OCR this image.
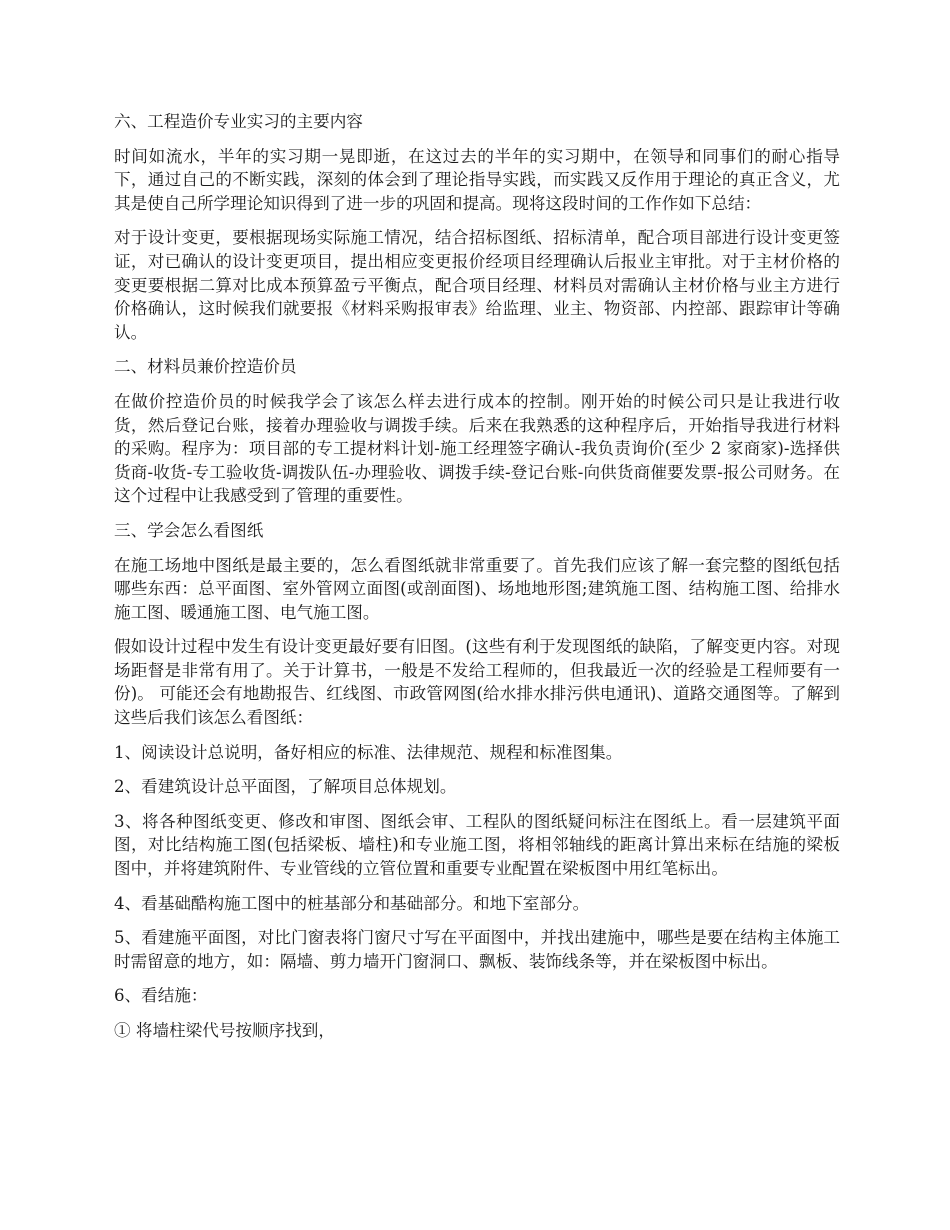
六、工程造价专业实习的主要内容

时间如流水，半年的实习期一晃即逝，在这过去的半年的实习期中，在领导和同事们的耐心指导下，通过自己的不断实践，深刻的体会到了理论指导实践，而实践又反作用于理论的真正含义，尤其是使自己所学理论知识得到了进一步的巩固和提高。现将这段时间的工作作如下总结：

对于设计变更，要根据现场实际施工情况，结合招标图纸、招标清单，配合项目部进行设计变更签证，对已确认的设计变更项目，提出相应变更报价经项目经理确认后报业主审批。对于主材价格的变更要根据二算对比成本预算盈亏平衡点，配合项目经理、材料员对需确认主材价格与业主方进行价格确认，这时候我们就要报《材料采购报审表》给监理、业主、物资部、内控部、跟踪审计等确认。

二、材料员兼价控造价员

在做价控造价员的时候我学会了该怎么样去进行成本的控制。刚开始的时候公司只是让我进行收货，然后登记台账，接着办理验收与调拨手续。后来在我熟悉的这种程序后，开始指导我进行材料的采购。程序为：项目部的专工提材料计划-施工经理签字确认-我负责询价(至少 2 家商家)-选择供货商-收货-专工验收货-调拨队伍-办理验收、调拨手续-登记台账-向供货商催要发票-报公司财务。在这个过程中让我感受到了管理的重要性。

三、学会怎么看图纸

在施工场地中图纸是最主要的，怎么看图纸就非常重要了。首先我们应该了解一套完整的图纸包括哪些东西：总平面图、室外管网立面图(或剖面图)、场地地形图;建筑施工图、结构施工图、给排水施工图、暖通施工图、电气施工图。

假如设计过程中发生有设计变更最好要有旧图。(这些有利于发现图纸的缺陷，了解变更内容。对现场距督是非常有用了。关于计算书，一般是不发给工程师的，但我最近一次的经验是工程师要有一份)。 可能还会有地勘报告、红线图、市政管网图(给水排水排污供电通讯)、道路交通图等。了解到这些后我们该怎么看图纸：

1、阅读设计总说明，备好相应的标准、法律规范、规程和标准图集。

2、看建筑设计总平面图，了解项目总体规划。

3、将各种图纸变更、修改和审图、图纸会审、工程队的图纸疑问标注在图纸上。看一层建筑平面图，对比结构施工图(包括梁板、墙柱)和专业施工图，将相邻轴线的距离计算出来标在结施的梁板图中，并将建筑附件、专业管线的立管位置和重要专业配置在梁板图中用红笔标出。

4、看基础酷构施工图中的桩基部分和基础部分。和地下室部分。

5、看建施平面图，对比门窗表将门窗尺寸写在平面图中，并找出建施中，哪些是要在结构主体施工时需留意的地方，如：隔墙、剪力墙开门窗洞口、飘板、装饰线条等，并在梁板图中标出。

6、看结施：

① 将墙柱梁代号按顺序找到，
